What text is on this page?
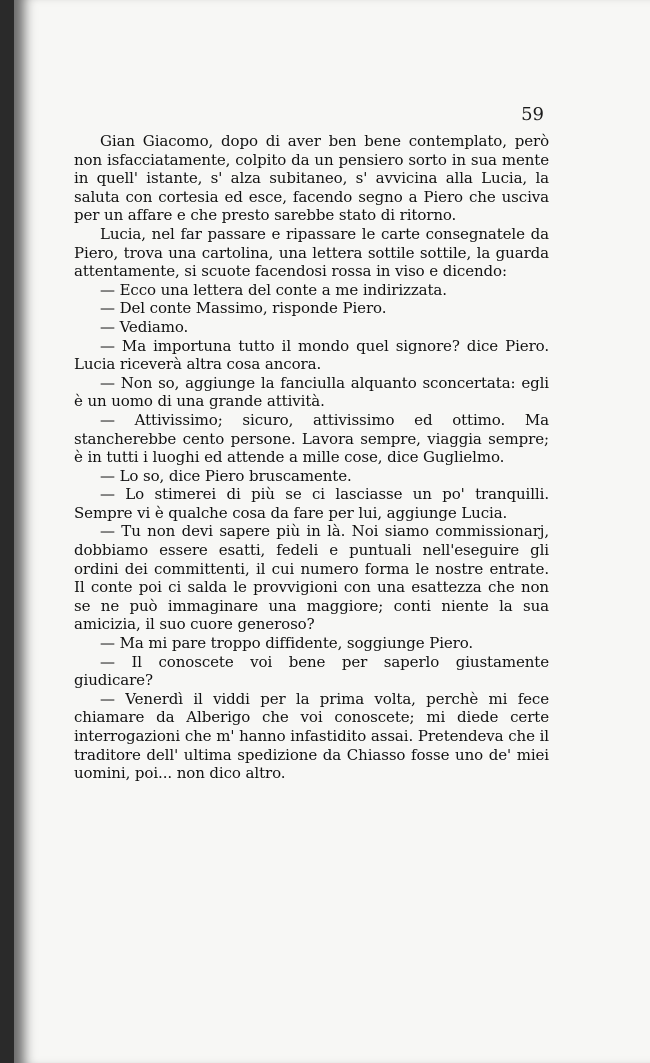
59

Gian Giacomo, dopo di aver ben bene contemplato, però non isfacciatamente, colpito da un pensiero sorto in sua mente in quell' istante, s' alza subitaneo, s' avvicina alla Lucia, la saluta con cortesia ed esce, facendo segno a Piero che usciva per un affare e che presto sarebbe stato di ritorno.

Lucia, nel far passare e ripassare le carte consegnatele da Piero, trova una cartolina, una lettera sottile sottile, la guarda attentamente, si scuote facendosi rossa in viso e dicendo:

— Ecco una lettera del conte a me indirizzata.

— Del conte Massimo, risponde Piero.

— Vediamo.

— Ma importuna tutto il mondo quel signore? dice Piero. Lucia riceverà altra cosa ancora.

— Non so, aggiunge la fanciulla alquanto sconcertata: egli è un uomo di una grande attività.

— Attivissimo; sicuro, attivissimo ed ottimo. Ma stancherebbe cento persone. Lavora sempre, viaggia sempre; è in tutti i luoghi ed attende a mille cose, dice Guglielmo.

— Lo so, dice Piero bruscamente.

— Lo stimerei di più se ci lasciasse un po' tranquilli. Sempre vi è qualche cosa da fare per lui, aggiunge Lucia.

— Tu non devi sapere più in là. Noi siamo commissionarj, dobbiamo essere esatti, fedeli e puntuali nell'eseguire gli ordini dei committenti, il cui numero forma le nostre entrate. Il conte poi ci salda le provvigioni con una esattezza che non se ne può immaginare una maggiore; conti niente la sua amicizia, il suo cuore generoso?

— Ma mi pare troppo diffidente, soggiunge Piero.

— Il conoscete voi bene per saperlo giustamente giudicare?

— Venerdì il viddi per la prima volta, perchè mi fece chiamare da Alberigo che voi conoscete; mi diede certe interrogazioni che m' hanno infastidito assai. Pretendeva che il traditore dell' ultima spedizione da Chiasso fosse uno de' miei uomini, poi... non dico altro.
